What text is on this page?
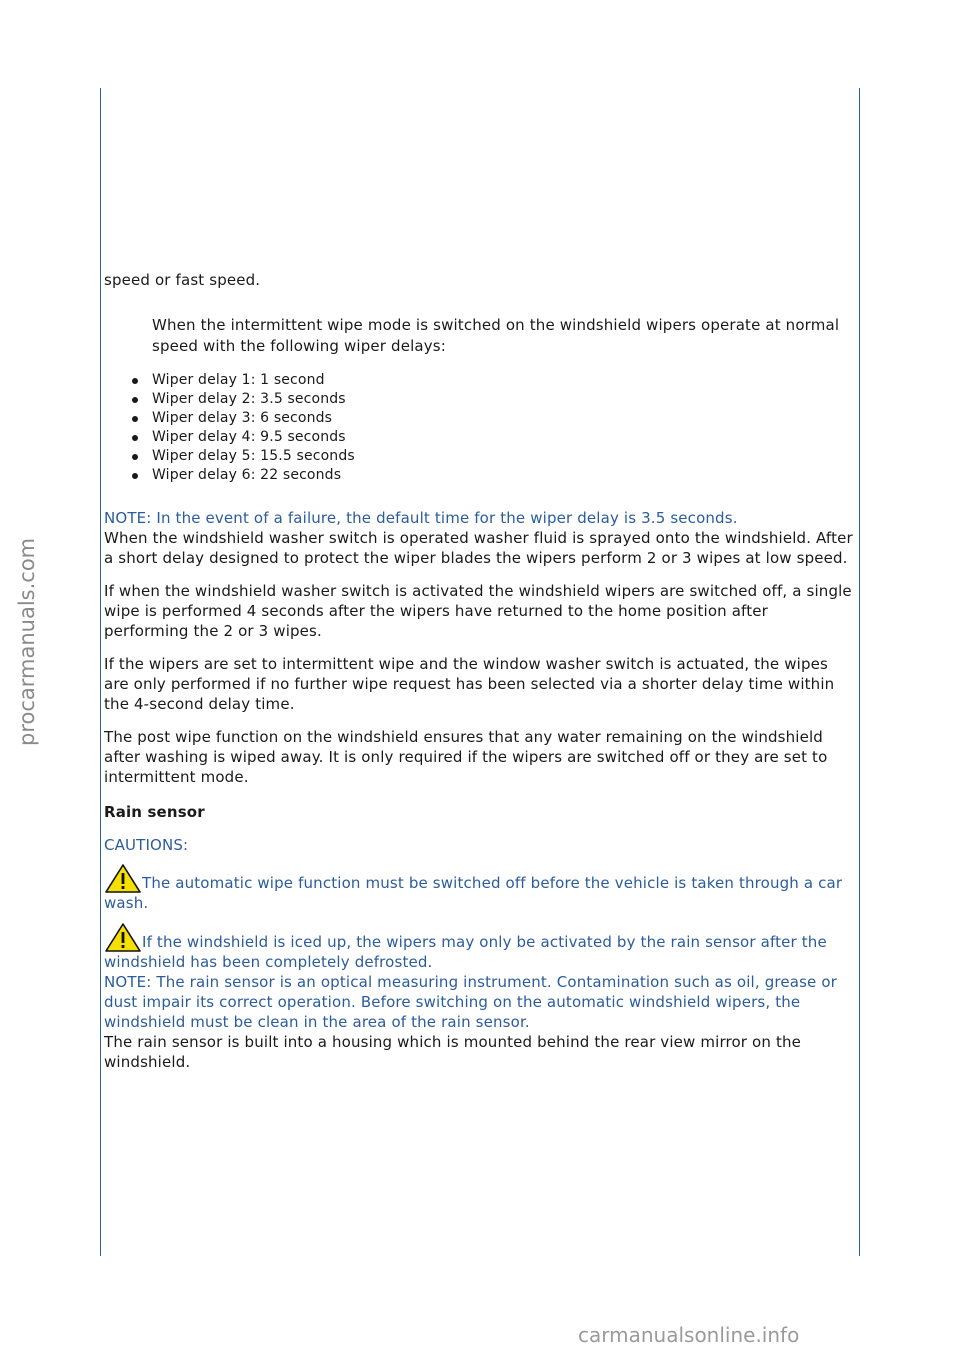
procarmanuals.com
carmanualsonline.info

speed or fast speed.

When the intermittent wipe mode is switched on the windshield wipers operate at normal speed with the following wiper delays:

Wiper delay 1: 1 second
Wiper delay 2: 3.5 seconds
Wiper delay 3: 6 seconds
Wiper delay 4: 9.5 seconds
Wiper delay 5: 15.5 seconds
Wiper delay 6: 22 seconds

NOTE: In the event of a failure, the default time for the wiper delay is 3.5 seconds.

When the windshield washer switch is operated washer fluid is sprayed onto the windshield. After a short delay designed to protect the wiper blades the wipers perform 2 or 3 wipes at low speed.

If when the windshield washer switch is activated the windshield wipers are switched off, a single wipe is performed 4 seconds after the wipers have returned to the home position after performing the 2 or 3 wipes.

If the wipers are set to intermittent wipe and the window washer switch is actuated, the wipes are only performed if no further wipe request has been selected via a shorter delay time within the 4-second delay time.

The post wipe function on the windshield ensures that any water remaining on the windshield after washing is wiped away. It is only required if the wipers are switched off or they are set to intermittent mode.

Rain sensor

CAUTIONS:

The automatic wipe function must be switched off before the vehicle is taken through a car wash.

If the windshield is iced up, the wipers may only be activated by the rain sensor after the windshield has been completely defrosted.

NOTE: The rain sensor is an optical measuring instrument. Contamination such as oil, grease or dust impair its correct operation. Before switching on the automatic windshield wipers, the windshield must be clean in the area of the rain sensor.

The rain sensor is built into a housing which is mounted behind the rear view mirror on the windshield.
